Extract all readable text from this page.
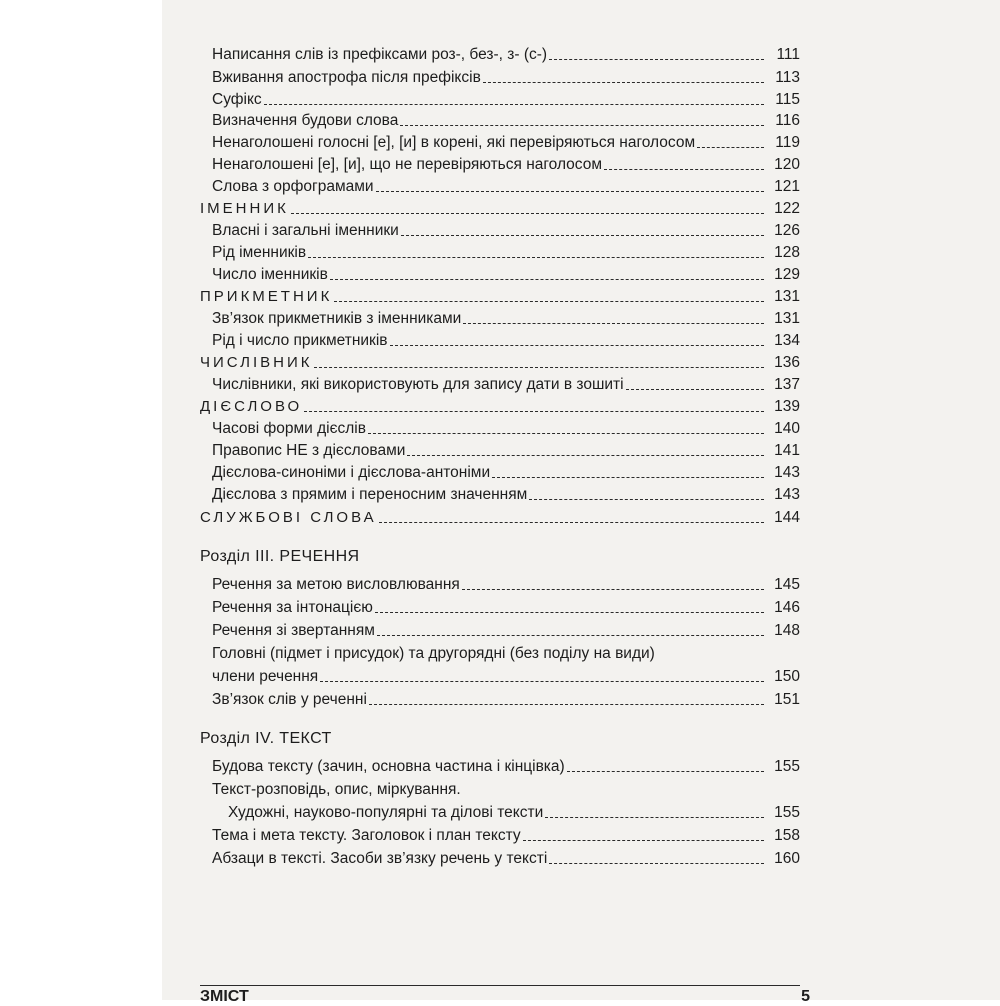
Написання слів із префіксами роз-, без-, з- (с-)	111
Вживання апострофа після префіксів	113
Суфікс	115
Визначення будови слова	116
Ненаголошені голосні [е], [и] в корені, які перевіряються наголосом	119
Ненаголошені [е], [и], що не перевіряються наголосом	120
Слова з орфограмами	121
ІМЕННИК	122
Власні і загальні іменники	126
Рід іменників	128
Число іменників	129
ПРИКМЕТНИК	131
Зв’язок прикметників з іменниками	131
Рід і число прикметників	134
ЧИСЛІВНИК	136
Числівники, які використовують для запису дати в зошиті	137
ДІЄСЛОВО	139
Часові форми дієслів	140
Правопис НЕ з дієсловами	141
Дієслова-синоніми і дієслова-антоніми	143
Дієслова з прямим і переносним значенням	143
СЛУЖБОВІ СЛОВА	144
Розділ ІІІ. РЕЧЕННЯ
Речення за метою висловлювання	145
Речення за інтонацією	146
Речення зі звертанням	148
Головні (підмет і присудок) та другорядні (без поділу на види)
члени речення	150
Зв’язок слів у реченні	151
Розділ IV. ТЕКСТ
Будова тексту (зачин, основна частина і кінцівка)	155
Текст-розповідь, опис, міркування.
Художні, науково-популярні та ділові тексти	155
Тема і мета тексту. Заголовок і план тексту	158
Абзаци в тексті. Засоби зв’язку речень у тексті	160
ЗМІСТ	5
